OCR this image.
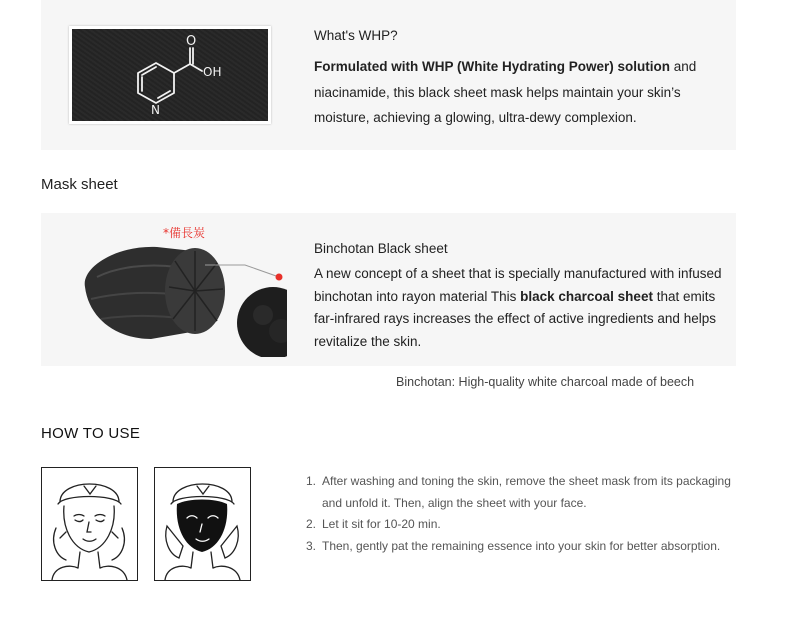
O
OH
N
What's WHP?
Formulated with WHP (White Hydrating Power) solution and niacinamide, this black sheet mask helps maintain your skin’s moisture, achieving a glowing, ultra-dewy complexion.
Mask sheet
*備長炭
Binchotan Black sheet
A new concept of a sheet that is specially manufactured with infused binchotan into rayon material This black charcoal sheet that emits far-infrared rays increases the effect of active ingredients and helps revitalize the skin.
Binchotan: High-quality white charcoal made of beech
HOW TO USE
1. After washing and toning the skin, remove the sheet mask from its packaging and unfold it. Then, align the sheet with your face.
2. Let it sit for 10-20 min.
3. Then, gently pat the remaining essence into your skin for better absorption.
